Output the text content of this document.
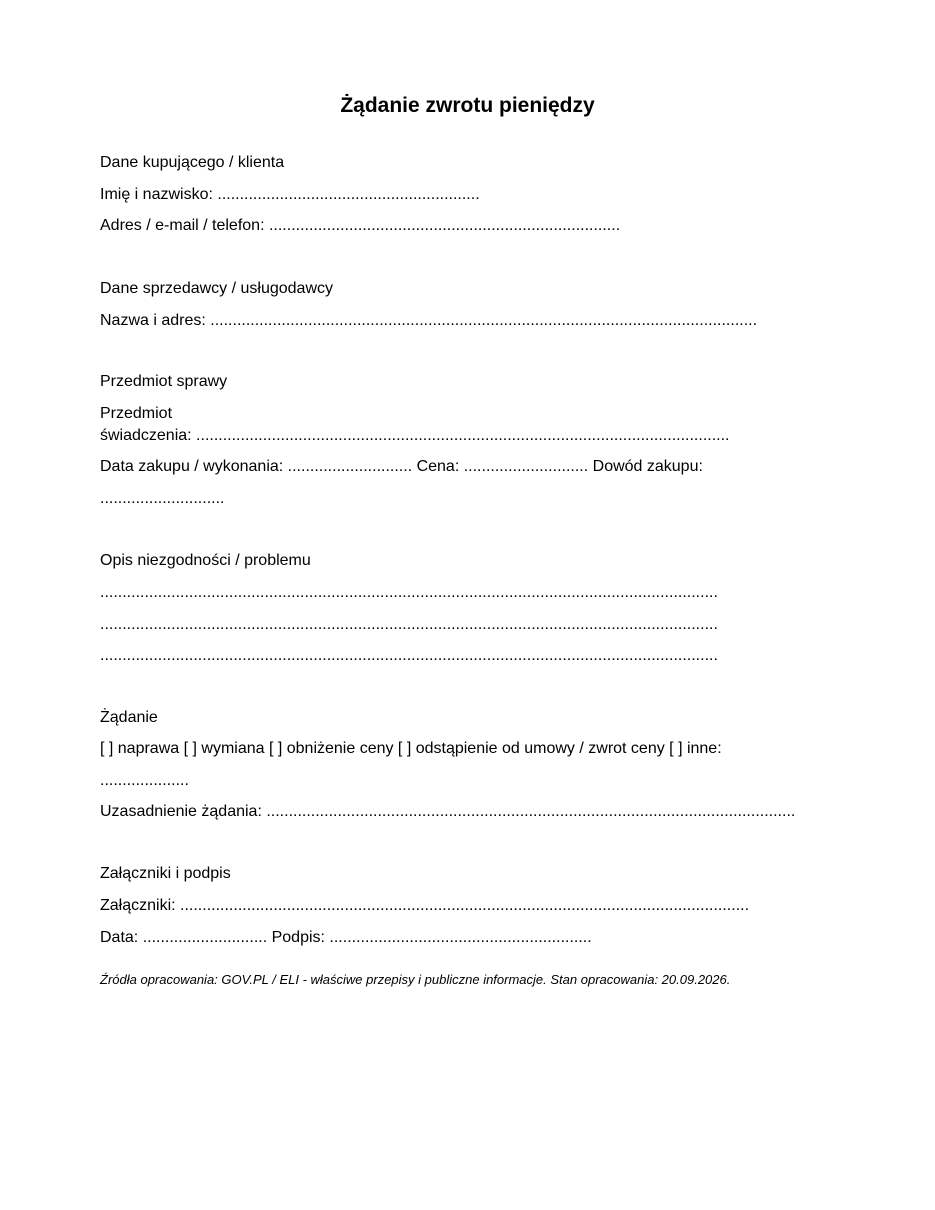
Żądanie zwrotu pieniędzy
Dane kupującego / klienta
Imię i nazwisko: ...........................................................
Adres / e-mail / telefon: ...............................................................................
Dane sprzedawcy / usługodawcy
Nazwa i adres: ...........................................................................................................................
Przedmiot sprawy
Przedmiot
świadczenia: ........................................................................................................................
Data zakupu / wykonania: ............................ Cena: ............................ Dowód zakupu:
............................
Opis niezgodności / problemu
...........................................................................................................................................
...........................................................................................................................................
...........................................................................................................................................
Żądanie
[ ] naprawa [ ] wymiana [ ] obniżenie ceny [ ] odstąpienie od umowy / zwrot ceny [ ] inne:
....................
Uzasadnienie żądania: .......................................................................................................................
Załączniki i podpis
Załączniki: ................................................................................................................................
Data: ............................ Podpis: ...........................................................
Źródła opracowania: GOV.PL / ELI - właściwe przepisy i publiczne informacje. Stan opracowania: 20.09.2026.
